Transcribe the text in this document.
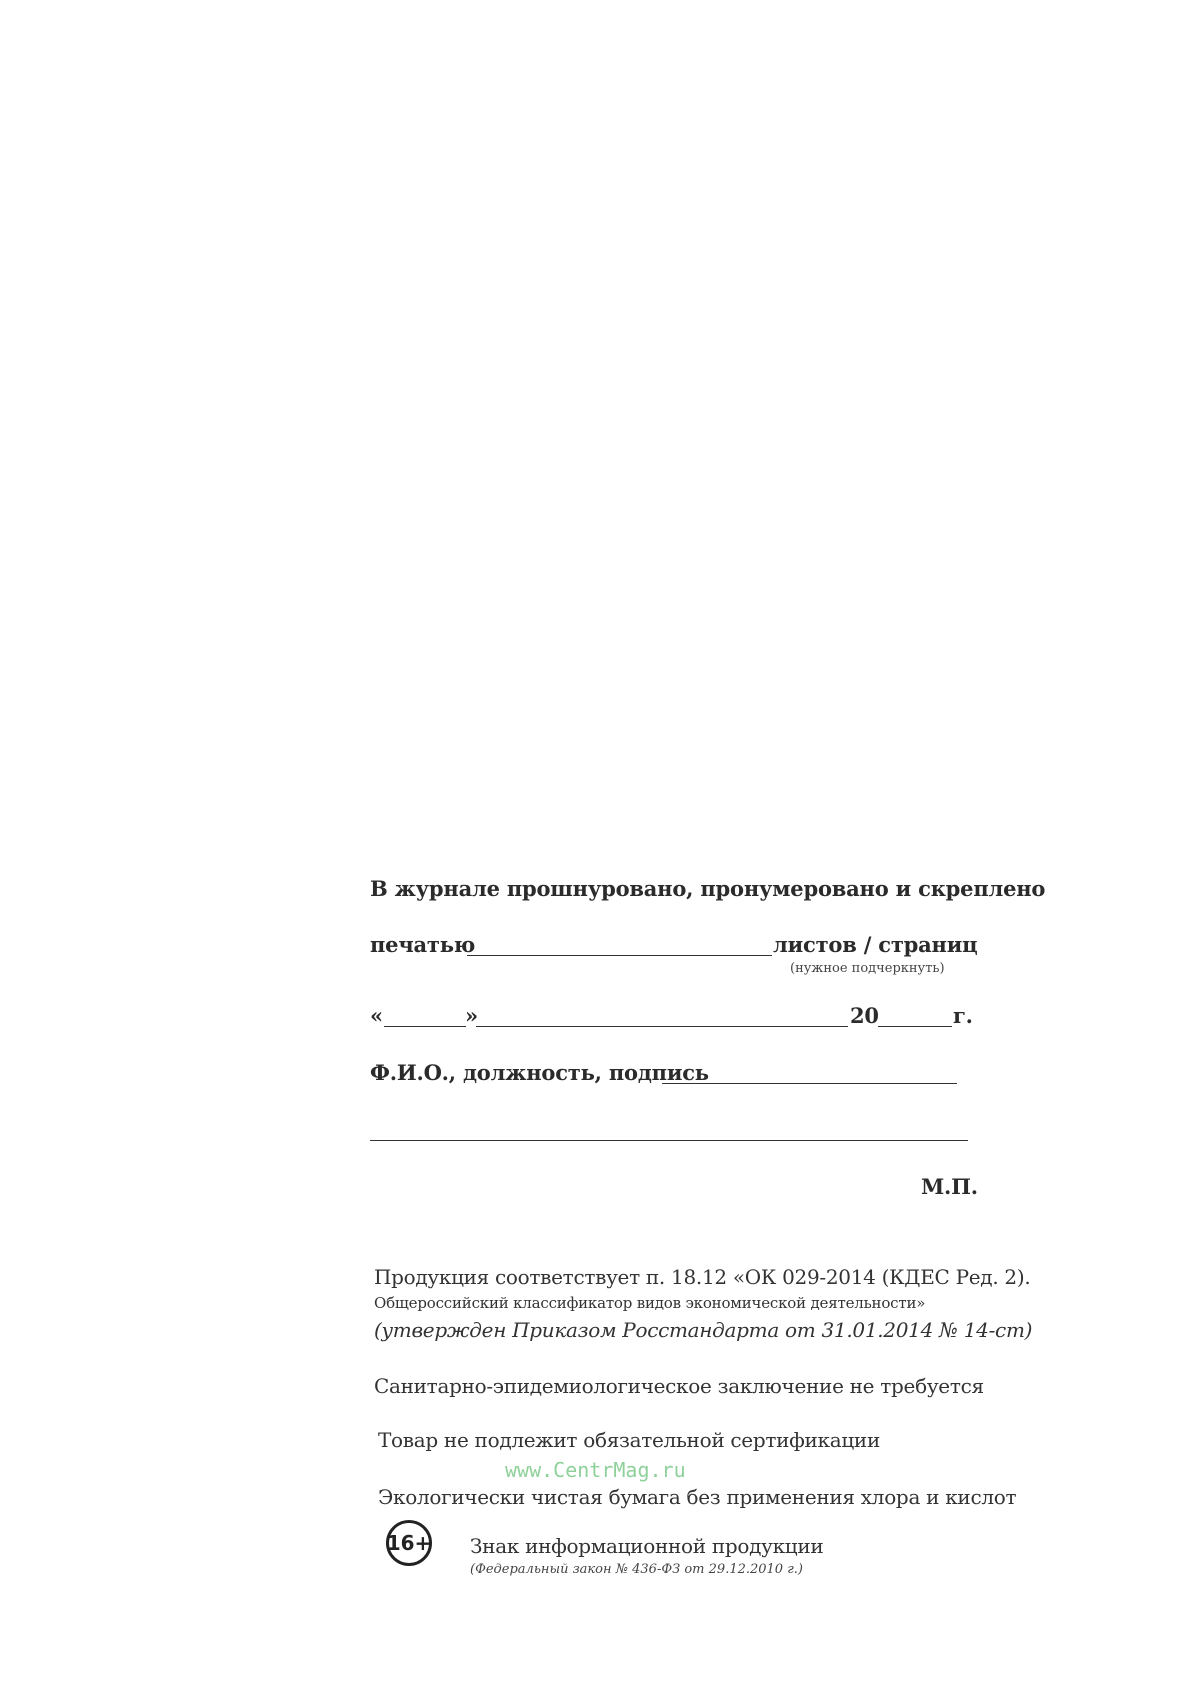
В журнале прошнуровано, пронумеровано и скреплено
печатью	листов / страниц
(нужное подчеркнуть)
«	»	20	г.
Ф.И.О., должность, подпись
М.П.
Продукция соответствует п. 18.12 «ОК 029-2014 (КДЕС Ред. 2).
Общероссийский классификатор видов экономической деятельности»
(утвержден Приказом Росстандарта от 31.01.2014 № 14-ст)
Санитарно-эпидемиологическое заключение не требуется
Товар не подлежит обязательной сертификации
www.CentrMag.ru
Экологически чистая бумага без применения хлора и кислот
16+ Знак информационной продукции
(Федеральный закон № 436-ФЗ от 29.12.2010 г.)
